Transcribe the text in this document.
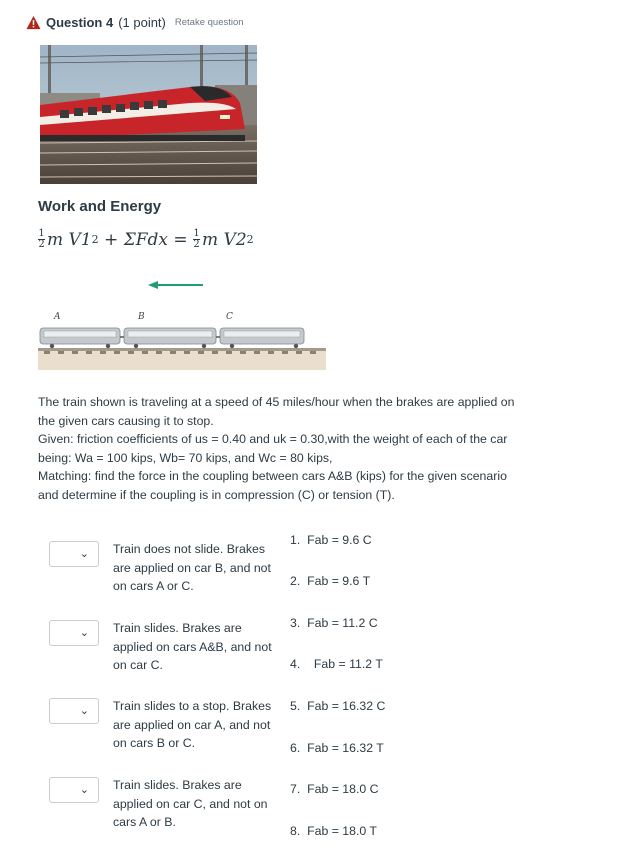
Question 4 (1 point) Retake question
Work and Energy
$\frac{1}{2}$ m
V1 2
+
ΣFdx
=
$\frac{1}{2}$ m
V2 2
A	B	C

The train shown is traveling at a speed of 45 miles/hour when the brakes are applied on the given cars causing it to stop.

Given: friction coefficients of us = 0.40 and uk = 0.30,with the weight of each of the car being: Wa = 100 kips, Wb= 70 kips, and Wc = 80 kips,

Matching: find the force in the coupling between cars A&B (kips) for the given scenario and determine if the coupling is in compression (C) or tension (T).

⌄
⌄
⌄
⌄
Train does not slide. Brakes are applied on car B, and not on cars A or C.
Train slides. Brakes are applied on cars A&B, and not on car C.
Train slides to a stop. Brakes are applied on car A, and not on cars B or C.
Train slides. Brakes are applied on car C, and not on cars A or B.
1.  Fab = 9.6 C
2.  Fab = 9.6 T
3.  Fab = 11.2 C
4.    Fab = 11.2 T
5.  Fab = 16.32 C
6.  Fab = 16.32 T
7.  Fab = 18.0 C
8.  Fab = 18.0 T
